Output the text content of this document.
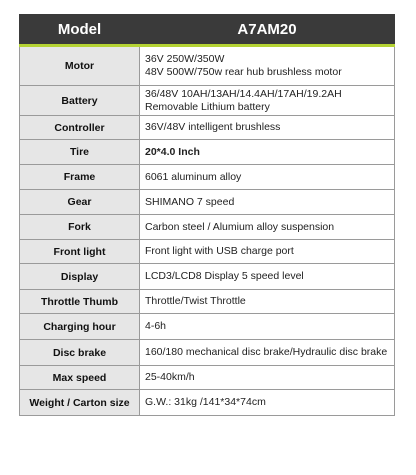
Model	A7AM20
Motor	36V 250W/350W
48V 500W/750w rear hub brushless motor

Battery	36/48V 10AH/13AH/14.4AH/17AH/19.2AH
Removable Lithium battery

Controller	36V/48V intelligent brushless

Tire	20*4.0 Inch

Frame	6061 aluminum alloy

Gear	SHIMANO 7 speed

Fork	Carbon steel / Alumium alloy suspension

Front light	Front light with USB charge port

Display	LCD3/LCD8 Display 5 speed level

Throttle Thumb	Throttle/Twist Throttle

Charging hour	4-6h

Disc brake	160/180 mechanical disc brake/Hydraulic disc brake

Max speed	25-40km/h

Weight / Carton size	G.W.: 31kg /141*34*74cm
